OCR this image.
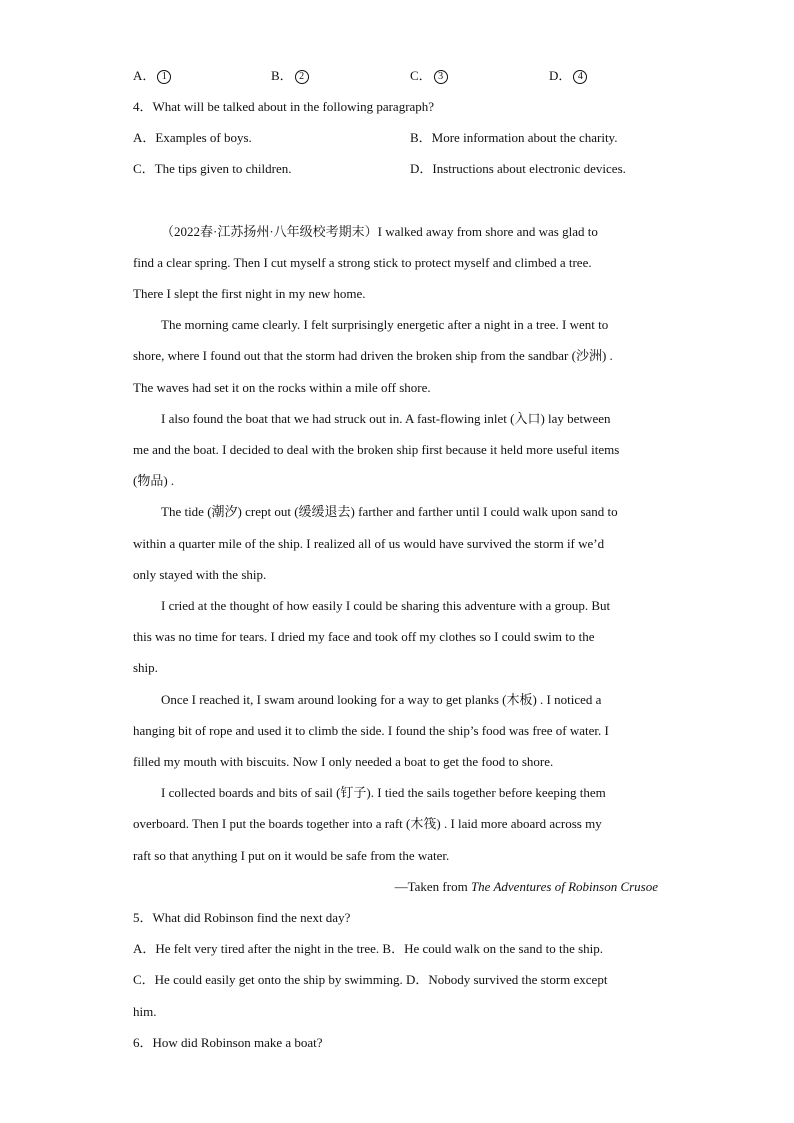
A． 1	B． 2	C． 3	D． 4
4．What will be talked about in the following paragraph?
A．Examples of boys.	B．More information about the charity.
C．The tips given to children.	D．Instructions about electronic devices.
（2022春·江苏扬州·八年级校考期末）I walked away from shore and was glad to
find a clear spring. Then I cut myself a strong stick to protect myself and climbed a tree.
There I slept the first night in my new home.
The morning came clearly. I felt surprisingly energetic after a night in a tree. I went to
shore, where I found out that the storm had driven the broken ship from the sandbar (沙洲) .
The waves had set it on the rocks within a mile off shore.
I also found the boat that we had struck out in. A fast-flowing inlet (入口) lay between
me and the boat. I decided to deal with the broken ship first because it held more useful items
(物品) .
The tide (潮汐) crept out (缓缓退去) farther and farther until I could walk upon sand to
within a quarter mile of the ship. I realized all of us would have survived the storm if we’d
only stayed with the ship.
I cried at the thought of how easily I could be sharing this adventure with a group. But
this was no time for tears. I dried my face and took off my clothes so I could swim to the
ship.
Once I reached it, I swam around looking for a way to get planks (木板) . I noticed a
hanging bit of rope and used it to climb the side. I found the ship’s food was free of water. I
filled my mouth with biscuits. Now I only needed a boat to get the food to shore.
I collected boards and bits of sail (钉子). I tied the sails together before keeping them
overboard. Then I put the boards together into a raft (木筏) . I laid more aboard across my
raft so that anything I put on it would be safe from the water.
—Taken from The Adventures of Robinson Crusoe
5．What did Robinson find the next day?
A．He felt very tired after the night in the tree. B．He could walk on the sand to the ship.
C．He could easily get onto the ship by swimming. D．Nobody survived the storm except
him.
6．How did Robinson make a boat?
